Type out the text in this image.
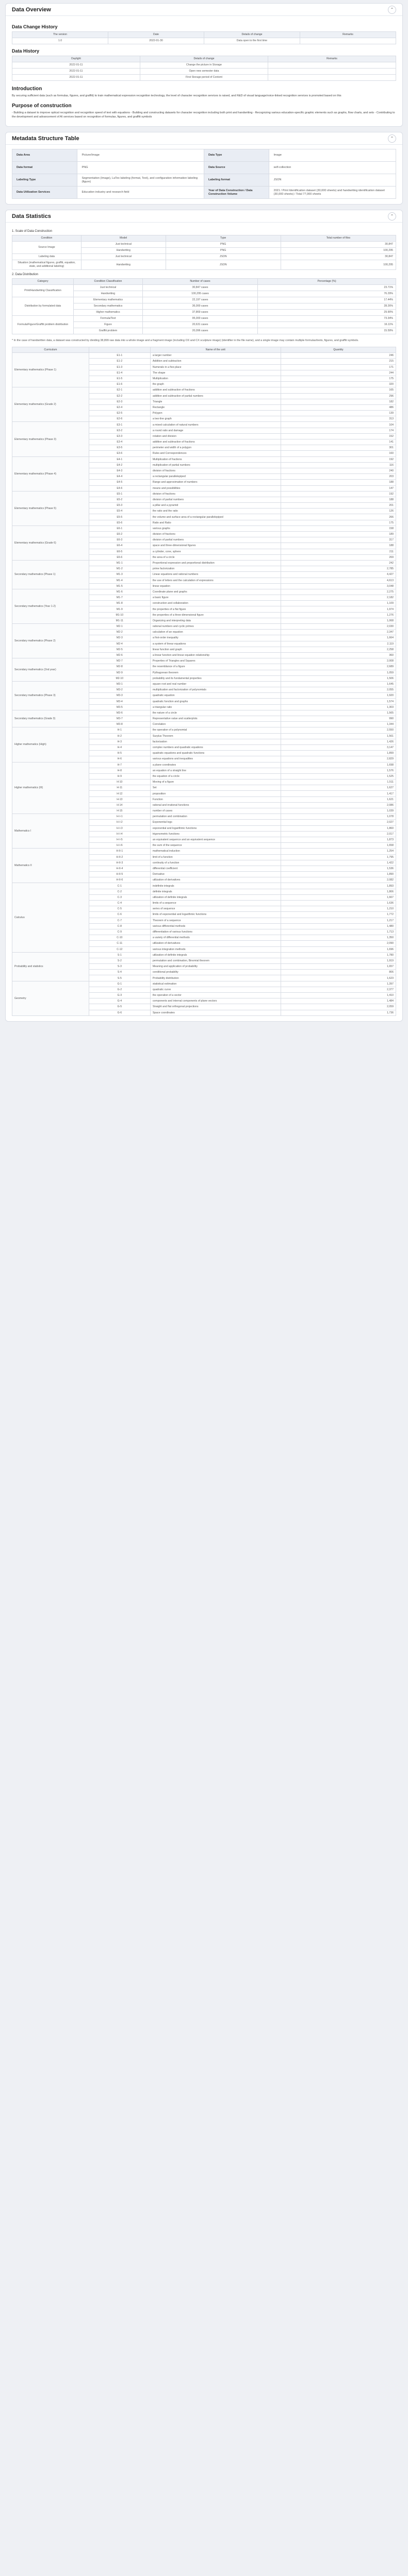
Data Overview	⌃
Data Change History
The version	Date	Details of change	Remarks
1.0	2022-01-30	Data open to the first time	
Data History
Daylight	Details of change	Remarks
2022-01-11	Change the picture in Storage	
2022-01-11	Open new semester data	
2022-01-11	First Storage period of Content	
Introduction

By securing sufficient data (such as formulas, figures, and graffiti) to train mathematical expression recognition technology, the level of character recognition services is raised, and R&D of visual language/voice-linked recognition services is promoted based on this

Purpose of construction

- Building a dataset to improve optical recognition and recognition speed of text with equations - Building and constructing datasets for character recognition including both print and handwriting - Recognizing various education-specific graphic elements such as graphs, flow charts, and sets - Contributing to the development and advancement of AI services based on recognition of formulas, figures, and graffiti symbols

Metadata Structure Table	⌃
Data Area	Picture/Image	Data Type	Image
Data format	PNG	Data Source	self-collection
Labeling Type	Segmentation (Image), LaTex labeling (format, Text), and configuration information labeling (figure)	Labeling format	JSON
Data Utilization Services	Education industry and research field	Year of Data Construction / Data Construction Volume	2021 / Print Identification dataset (30,000 sheets) and handwriting identification dataset (30,000 sheets) / Total 77,000 sheets
Data Statistics	⌃
1. Scale of Data Construction
Condition	Model	Type	Total number of files
Source Image	Just technical	PNG	30,847
	Handwriting	PNG	100,295
Labeling data	Just technical	JSON	30,847
Situation (mathematical figures, graffiti, equation, state, and additional labeling)	Handwriting	JSON	100,295
2. Data Distribution
Category	Condition Classification	Number of cases	Percentage (%)
Print/Handwriting Classification	Just technical	30,847 cases	23.71%
	Handwriting	100,295 cases	76.29%
Distribution by formulated data	Elementary mathematics	22,197 cases	17.44%
	Secondary mathematics	36,000 cases	28.26%
	Higher mathematics	37,869 cases	29.90%
Formula/Figure/Graffiti problem distribution	Formula/Text	95,000 cases	73.34%
	Figure	20,631 cases	16.11%
	Graffiti problem	20,096 cases	15.59%

* In the case of handwritten data, a dataset was constructed by dividing 38,899 raw data into a whole image and a fragment image (including OX and CX sculpture image) (identifier in the file name), and a single image may contain multiple formulas/texts, figures, and graffiti symbols.

Curriculum		Name of the unit	Quantity
Elementary mathematics (Phase 1)	E1-1	a larger number	246
	E1-2	Addition and subtraction	215
	E1-3	Numerals in a five-place	171
	E1-4	The shape	244
	E1-5	Multiplication	175
	E1-6	the graph	320
Elementary mathematics (Grade 2)	E2-1	addition and subtraction of fractions	165
	E2-2	addition and subtraction of partial numbers	296
	E2-3	Triangle	182
	E2-4	Rectangle	486
	E2-5	Polygon	139
	E2-6	a two-line graph	313
Elementary mathematics (Phase 3)	E3-1	a mixed calculation of natural numbers	104
	E3-2	a round ratio and damage	174
	E3-3	rotation and division	152
	E3-4	addition and subtraction of fractions	141
	E3-5	perimeter and width of a polygon	301
	E3-6	Rules and Correspondences	160
Elementary mathematics (Phase 4)	E4-1	Multiplication of fractions	192
	E4-2	multiplication of partial numbers	116
	E4-3	division of fractions	240
	E4-4	a rectangular parallelepiped	203
	E4-5	Range and approximation of numbers	188
	E4-6	means and possibilities	147
Elementary mathematics (Phase 5)	E5-1	division of fractions	192
	E5-2	division of partial numbers	188
	E5-3	a pillar and a pyramid	201
	E5-4	the ratio and the ratio	126
	E5-5	the volume and surface area of a rectangular parallelepiped	266
	E5-6	Ratio and Ratio	175
Elementary mathematics (Grade 6)	E6-1	various graphs	158
	E6-2	division of fractions	189
	E6-3	division of partial numbers	317
	E6-4	space and three-dimensional figures	188
	E6-5	a cylinder, cone, sphere	211
	E6-6	the area of a circle	269
Secondary mathematics (Phase 1)	M1-1	Proportional expression and proportional distribution	242
	M1-2	prime factorization	2,785
	M1-3	Linear equations and rational numbers	4,427
	M1-4	the use of letters and the calculation of expressions	4,613
	M1-5	linear equation	3,048
Secondary mathematics (Year 1-2)	M1-6	Coordinate plane and graphs	2,275
	M1-7	a basic figure	2,182
	M1-8	construction and collaboration	1,109
	M1-9	the properties of a flat figure	1,974
	M1-10	the properties of a three-dimensional figure	1,276
	M1-11	Organizing and interpreting data	1,068
Secondary mathematics (Phase 2)	M2-1	rational numbers and cyclic primes	2,030
	M2-2	calculation of an equation	2,347
	M2-3	a first-order inequality	1,664
	M2-4	a system of linear equations	2,119
	M2-5	linear function and graph	2,258
	M2-6	a linear function and linear equation relationship	360
Secondary mathematics (2nd year)	M2-7	Properties of Triangles and Squares	2,008
	M2-8	the resemblance of a figure	2,689
	M2-9	Pythagorean theorem	1,059
	M2-10	probability and its fundamental properties	1,506
Secondary mathematics (Phase 3)	M3-1	square root and real number	1,645
	M3-2	multiplication and factorization of polynomials	2,055
	M3-3	quadratic equation	1,920
	M3-4	quadratic function and graphs	1,574
	M3-5	a triangular ratio	1,303
Secondary mathematics (Grade 3)	M3-6	the nature of a circle	1,565
	M3-7	Representative value and scatterplots	990
	M3-8	Correlation	1,344
Higher mathematics (High)	H-1	the operation of a polynomial	2,550
	H-2	Surplus Theorem	1,561
	H-3	factorization	1,426
	H-4	complex numbers and quadratic equations	3,147
	H-5	quadratic equations and quadratic functions	1,899
	H-6	various equations and inequalities	2,829
Higher mathematics (III)	H-7	a plane coordinates	1,698
	H-8	an equation of a straight line	1,576
	H-9	the equation of a circle	1,525
	H-10	Moving of a figure	1,511
	H-11	Set	1,627
	H-12	proposition	1,417
	H-13	Function	1,621
	H-14	rational and irrational functions	2,086
	H-15	number of cases	1,039
Mathematics I	H-I-1	permutation and combination	1,078
	H-I-2	Exponential logs	2,027
	H-I-3	exponential and logarithmic functions	1,860
	H-I-4	trigonometric functions	2,017
	H-I-5	an equivalent sequence and an equivalent sequence	1,873
	H-I-6	the sum of the sequence	1,658
Mathematics II	H-II-1	mathematical induction	1,254
	H-II-2	limit of a function	1,795
	H-II-3	continuity of a function	1,422
	H-II-4	differential coefficient	1,536
	H-II-5	Derivative	1,890
	H-II-6	utilization of derivatives	2,082
Calculus	C-1	indefinite integrals	1,893
	C-2	definite integrals	1,806
	C-3	utilization of definite integrals	1,667
	C-4	limits of a sequence	1,636
	C-5	series of sequence	1,210
	C-6	limits of exponential and logarithmic functions	1,772
	C-7	Theorem of a sequence	1,217
	C-8	various differential methods	1,480
	C-9	differentiation of various functions	1,713
	C-10	a variety of differential methods	1,350
	C-11	utilization of derivatives	2,090
	C-12	various integration methods	1,696
Probability and statistics	S-1	utilization of definite integrals	1,780
	S-2	permutation and combination, Binomial theorem	1,919
	S-3	Meaning and application of probability	1,657
	S-4	conditional probability	806
	S-5	Probability distribution	1,623
Geometry	G-1	statistical estimation	1,397
	G-2	quadratic curve	2,377
	G-3	the operation of a vector	1,410
	G-4	components and internal components of plane vectors	1,484
	G-5	Straight and flat orthogonal projections	2,059
	G-6	Space coordinates	1,736
